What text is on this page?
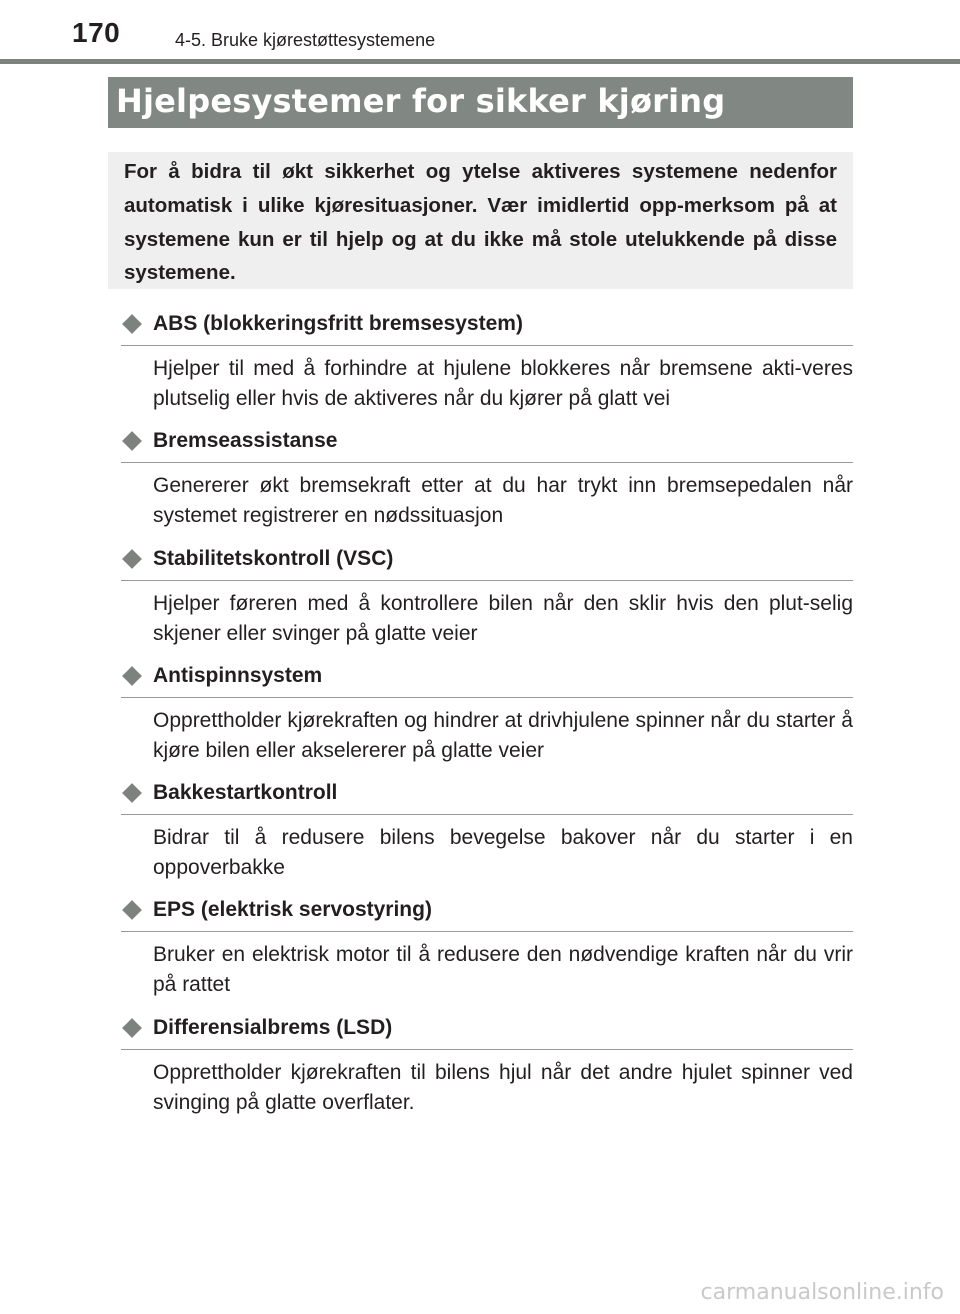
170	4-5. Bruke kjørestøttesystemene
Hjelpesystemer for sikker kjøring

For å bidra til økt sikkerhet og ytelse aktiveres systemene nedenfor automatisk i ulike kjøresituasjoner. Vær imidlertid opp-merksom på at systemene kun er til hjelp og at du ikke må stole utelukkende på disse systemene.

ABS (blokkeringsfritt bremsesystem)
Hjelper til med å forhindre at hjulene blokkeres når bremsene akti-veres plutselig eller hvis de aktiveres når du kjører på glatt vei
Bremseassistanse
Genererer økt bremsekraft etter at du har trykt inn bremsepedalen når systemet registrerer en nødssituasjon
Stabilitetskontroll (VSC)
Hjelper føreren med å kontrollere bilen når den sklir hvis den plut-selig skjener eller svinger på glatte veier
Antispinnsystem
Opprettholder kjørekraften og hindrer at drivhjulene spinner når du starter å kjøre bilen eller akselererer på glatte veier
Bakkestartkontroll
Bidrar til å redusere bilens bevegelse bakover når du starter i en oppoverbakke
EPS (elektrisk servostyring)
Bruker en elektrisk motor til å redusere den nødvendige kraften når du vrir på rattet
Differensialbrems (LSD)
Opprettholder kjørekraften til bilens hjul når det andre hjulet spinner ved svinging på glatte overflater.
carmanualsonline.info
